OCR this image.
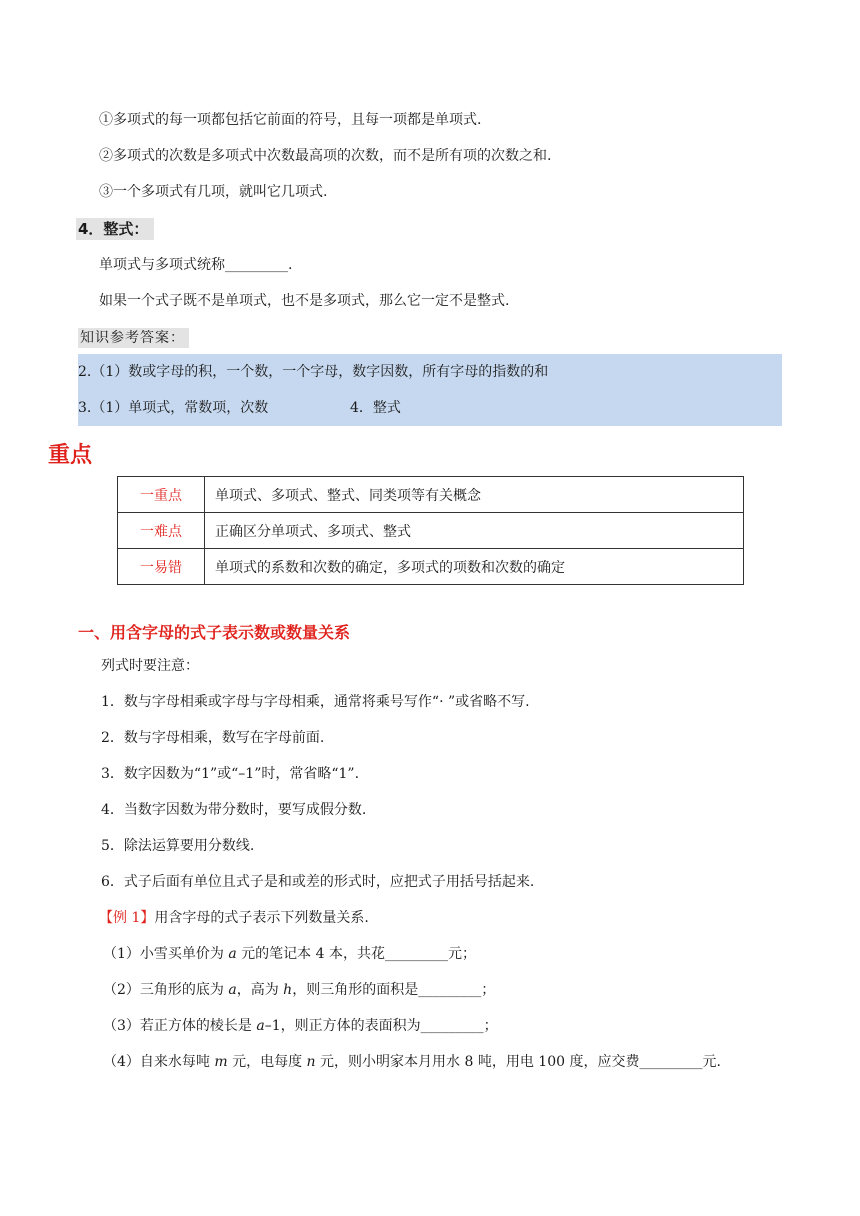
①多项式的每一项都包括它前面的符号，且每一项都是单项式.
②多项式的次数是多项式中次数最高项的次数，而不是所有项的次数之和.
③一个多项式有几项，就叫它几项式.
4．整式：
单项式与多项式统称_________.
如果一个式子既不是单项式，也不是多项式，那么它一定不是整式.
知识参考答案：
2.（1）数或字母的积，一个数，一个字母，数字因数，所有字母的指数的和
3.（1）单项式，常数项，次数	4．整式
重点
一重点	单项式、多项式、整式、同类项等有关概念
一难点	正确区分单项式、多项式、整式
一易错	单项式的系数和次数的确定，多项式的项数和次数的确定
一、用含字母的式子表示数或数量关系
列式时要注意：
1．数与字母相乘或字母与字母相乘，通常将乘号写作“· ”或省略不写.
2．数与字母相乘，数写在字母前面.
3．数字因数为“1”或“–1”时，常省略“1”.
4．当数字因数为带分数时，要写成假分数.
5．除法运算要用分数线.
6．式子后面有单位且式子是和或差的形式时，应把式子用括号括起来.
【例 1】用含字母的式子表示下列数量关系.
（1）小雪买单价为 a 元的笔记本 4 本，共花_________元；
（2）三角形的底为 a，高为 h，则三角形的面积是_________；
（3）若正方体的棱长是 a–1，则正方体的表面积为_________；
（4）自来水每吨 m 元，电每度 n 元，则小明家本月用水 8 吨，用电 100 度，应交费_________元.
